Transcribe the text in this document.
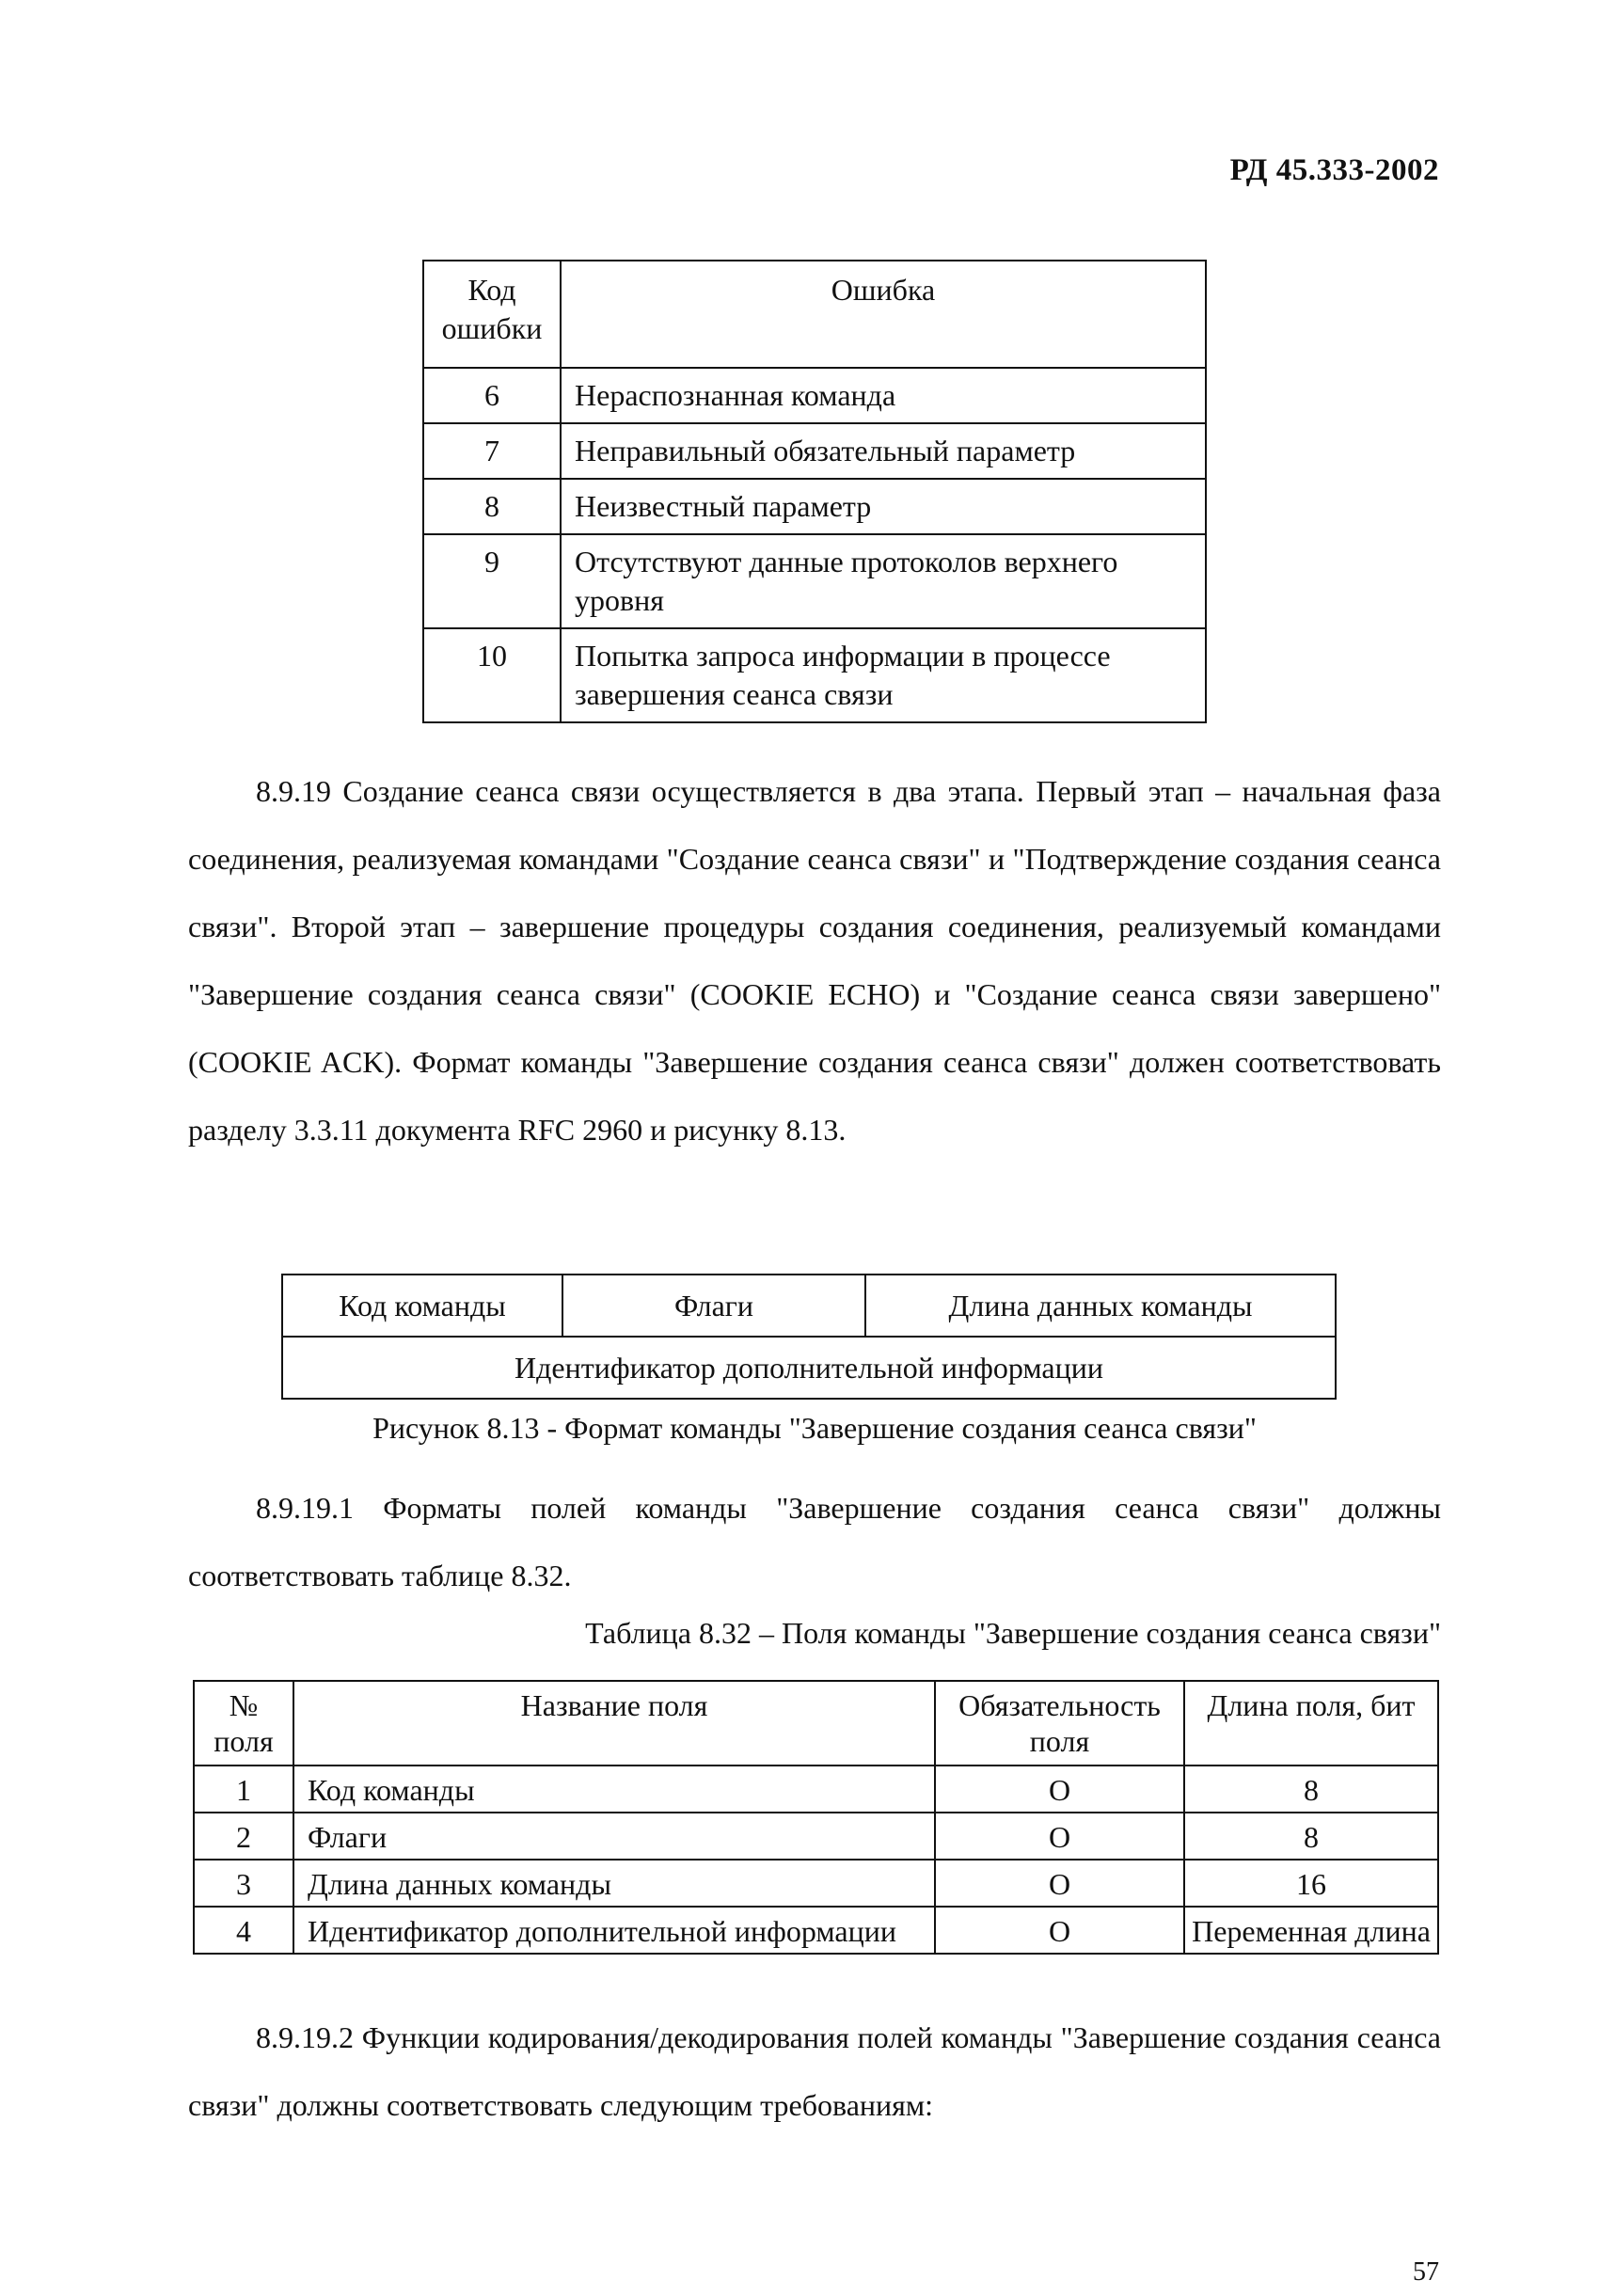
РД 45.333-2002
Код ошибки	Ошибка
6	Нераспознанная команда
7	Неправильный обязательный параметр
8	Неизвестный параметр
9	Отсутствуют данные протоколов верхнего уровня
10	Попытка запроса информации в процессе завершения сеанса связи

8.9.19 Создание сеанса связи осуществляется в два этапа. Первый этап – начальная фаза соединения, реализуемая командами "Создание сеанса связи" и "Подтверждение создания сеанса связи". Второй этап – завершение процедуры создания соединения, реализуемый командами "Завершение создания сеанса связи" (COOKIE ECHO) и "Создание сеанса связи завершено" (COOKIE ACK). Формат команды "Завершение создания сеанса связи" должен соответствовать разделу 3.3.11 документа RFC 2960 и рисунку 8.13.

Код команды	Флаги	Длина данных команды
Идентификатор дополнительной информации

Рисунок 8.13 - Формат команды "Завершение создания сеанса связи"

8.9.19.1 Форматы полей команды "Завершение создания сеанса связи" должны соответствовать таблице 8.32.

Таблица 8.32 – Поля команды "Завершение создания сеанса связи"

№ поля	Название поля	Обязательность поля	Длина поля, бит
1	Код команды	О	8
2	Флаги	О	8
3	Длина данных команды	О	16
4	Идентификатор дополнительной информации	О	Переменная длина

8.9.19.2 Функции кодирования/декодирования полей команды "Завершение создания сеанса связи" должны соответствовать следующим требованиям:

57
